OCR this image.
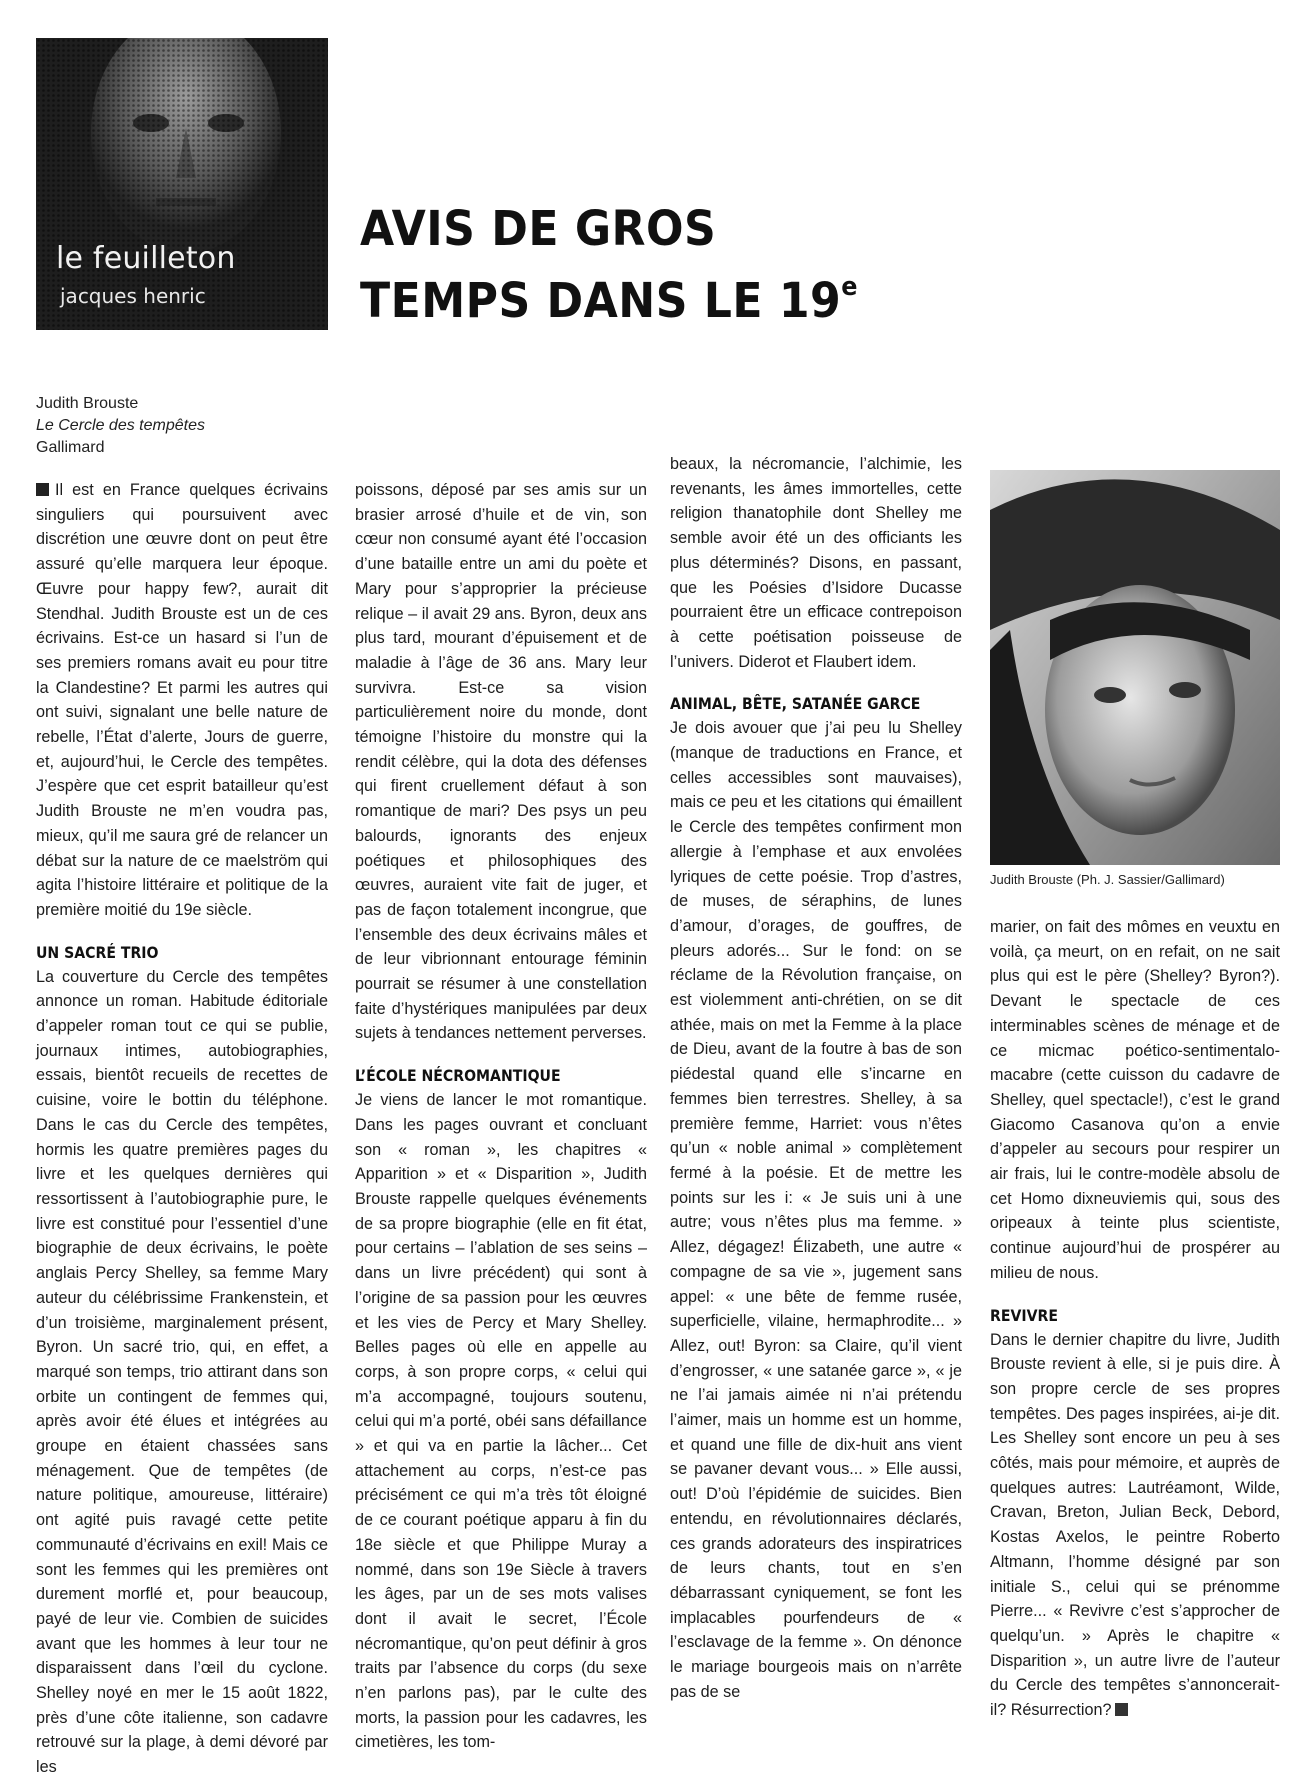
le feuilleton
jacques henric
AVIS DE GROS
TEMPS DANS LE 19e
Judith Brouste
Le Cercle des tempêtes
Gallimard

Il est en France quelques écrivains singuliers qui poursuivent avec discrétion une œuvre dont on peut être assuré qu’elle marquera leur époque. Œuvre pour happy few?, aurait dit Stendhal. Judith Brouste est un de ces écrivains. Est-ce un hasard si l’un de ses premiers romans avait eu pour titre la Clandestine? Et parmi les autres qui ont suivi, signalant une belle nature de rebelle, l’État d’alerte, Jours de guerre, et, aujourd’hui, le Cercle des tempêtes. J’espère que cet esprit batailleur qu’est Judith Brouste ne m’en voudra pas, mieux, qu’il me saura gré de relancer un débat sur la nature de ce maelström qui agita l’histoire littéraire et politique de la première moitié du 19e siècle.

UN SACRÉ TRIO

La couverture du Cercle des tempêtes annonce un roman. Habitude éditoriale d’appeler roman tout ce qui se publie, journaux intimes, autobiographies, essais, bientôt recueils de recettes de cuisine, voire le bottin du téléphone. Dans le cas du Cercle des tempêtes, hormis les quatre premières pages du livre et les quelques dernières qui ressortissent à l’autobiographie pure, le livre est constitué pour l’essentiel d’une biographie de deux écrivains, le poète anglais Percy Shelley, sa femme Mary auteur du célébrissime Frankenstein, et d’un troisième, marginalement présent, Byron. Un sacré trio, qui, en effet, a marqué son temps, trio attirant dans son orbite un contingent de femmes qui, après avoir été élues et intégrées au groupe en étaient chassées sans ménagement. Que de tempêtes (de nature politique, amoureuse, littéraire) ont agité puis ravagé cette petite communauté d’écrivains en exil! Mais ce sont les femmes qui les premières ont durement morflé et, pour beaucoup, payé de leur vie. Combien de suicides avant que les hommes à leur tour ne disparaissent dans l’œil du cyclone. Shelley noyé en mer le 15 août 1822, près d’une côte italienne, son cadavre retrouvé sur la plage, à demi dévoré par les

poissons, déposé par ses amis sur un brasier arrosé d’huile et de vin, son cœur non consumé ayant été l’occasion d’une bataille entre un ami du poète et Mary pour s’approprier la précieuse relique – il avait 29 ans. Byron, deux ans plus tard, mourant d’épuisement et de maladie à l’âge de 36 ans. Mary leur survivra. Est-ce sa vision particulièrement noire du monde, dont témoigne l’histoire du monstre qui la rendit célèbre, qui la dota des défenses qui firent cruellement défaut à son romantique de mari? Des psys un peu balourds, ignorants des enjeux poétiques et philosophiques des œuvres, auraient vite fait de juger, et pas de façon totalement incongrue, que l’ensemble des deux écrivains mâles et de leur vibrionnant entourage féminin pourrait se résumer à une constellation faite d’hystériques manipulées par deux sujets à tendances nettement perverses.

L’ÉCOLE NÉCROMANTIQUE

Je viens de lancer le mot romantique. Dans les pages ouvrant et concluant son « roman », les chapitres « Apparition » et « Disparition », Judith Brouste rappelle quelques événements de sa propre biographie (elle en fit état, pour certains – l’ablation de ses seins – dans un livre précédent) qui sont à l’origine de sa passion pour les œuvres et les vies de Percy et Mary Shelley. Belles pages où elle en appelle au corps, à son propre corps, « celui qui m’a accompagné, toujours soutenu, celui qui m’a porté, obéi sans défaillance » et qui va en partie la lâcher... Cet attachement au corps, n’est-ce pas précisément ce qui m’a très tôt éloigné de ce courant poétique apparu à fin du 18e siècle et que Philippe Muray a nommé, dans son 19e Siècle à travers les âges, par un de ses mots valises dont il avait le secret, l’École nécromantique, qu’on peut définir à gros traits par l’absence du corps (du sexe n’en parlons pas), par le culte des morts, la passion pour les cadavres, les cimetières, les tom-

beaux, la nécromancie, l’alchimie, les revenants, les âmes immortelles, cette religion thanatophile dont Shelley me semble avoir été un des officiants les plus déterminés? Disons, en passant, que les Poésies d’Isidore Ducasse pourraient être un efficace contrepoison à cette poétisation poisseuse de l’univers. Diderot et Flaubert idem.

ANIMAL, BÊTE, SATANÉE GARCE

Je dois avouer que j’ai peu lu Shelley (manque de traductions en France, et celles accessibles sont mauvaises), mais ce peu et les citations qui émaillent le Cercle des tempêtes confirment mon allergie à l’emphase et aux envolées lyriques de cette poésie. Trop d’astres, de muses, de séraphins, de lunes d’amour, d’orages, de gouffres, de pleurs adorés... Sur le fond: on se réclame de la Révolution française, on est violemment anti-chrétien, on se dit athée, mais on met la Femme à la place de Dieu, avant de la foutre à bas de son piédestal quand elle s’incarne en femmes bien terrestres. Shelley, à sa première femme, Harriet: vous n’êtes qu’un « noble animal » complètement fermé à la poésie. Et de mettre les points sur les i: « Je suis uni à une autre; vous n’êtes plus ma femme. » Allez, dégagez! Élizabeth, une autre « compagne de sa vie », jugement sans appel: « une bête de femme rusée, superficielle, vilaine, hermaphrodite... » Allez, out! Byron: sa Claire, qu’il vient d’engrosser, « une satanée garce », « je ne l’ai jamais aimée ni n’ai prétendu l’aimer, mais un homme est un homme, et quand une fille de dix-huit ans vient se pavaner devant vous... » Elle aussi, out! D’où l’épidémie de suicides. Bien entendu, en révolutionnaires déclarés, ces grands adorateurs des inspiratrices de leurs chants, tout en s’en débarrassant cyniquement, se font les implacables pourfendeurs de « l’esclavage de la femme ». On dénonce le mariage bourgeois mais on n’arrête pas de se

Judith Brouste (Ph. J. Sassier/Gallimard)

marier, on fait des mômes en veuxtu en voilà, ça meurt, on en refait, on ne sait plus qui est le père (Shelley? Byron?). Devant le spectacle de ces interminables scènes de ménage et de ce micmac poético-sentimentalo-macabre (cette cuisson du cadavre de Shelley, quel spectacle!), c’est le grand Giacomo Casanova qu’on a envie d’appeler au secours pour respirer un air frais, lui le contre-modèle absolu de cet Homo dixneuviemis qui, sous des oripeaux à teinte plus scientiste, continue aujourd’hui de prospérer au milieu de nous.

REVIVRE

Dans le dernier chapitre du livre, Judith Brouste revient à elle, si je puis dire. À son propre cercle de ses propres tempêtes. Des pages inspirées, ai-je dit. Les Shelley sont encore un peu à ses côtés, mais pour mémoire, et auprès de quelques autres: Lautréamont, Wilde, Cravan, Breton, Julian Beck, Debord, Kostas Axelos, le peintre Roberto Altmann, l’homme désigné par son initiale S., celui qui se prénomme Pierre... « Revivre c’est s’approcher de quelqu’un. » Après le chapitre « Disparition », un autre livre de l’auteur du Cercle des tempêtes s’annoncerait-il? Résurrection?
